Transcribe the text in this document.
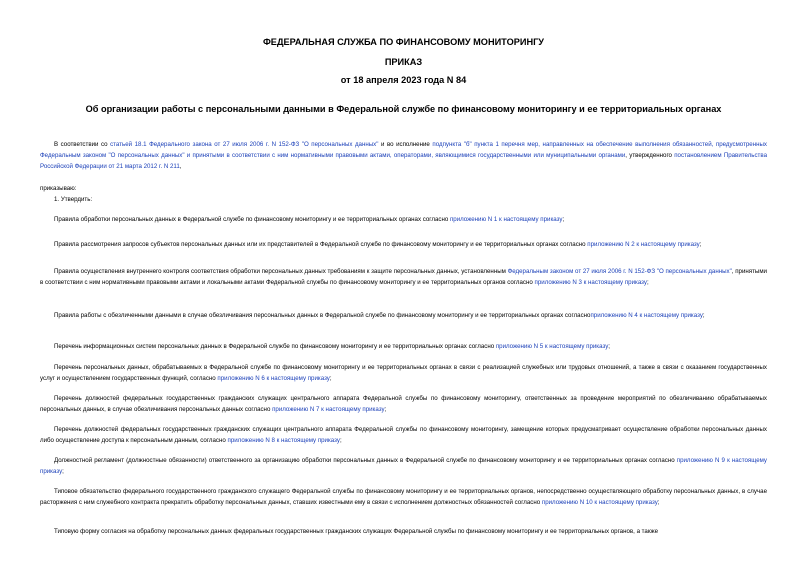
ФЕДЕРАЛЬНАЯ СЛУЖБА ПО ФИНАНСОВОМУ МОНИТОРИНГУ
ПРИКАЗ
от 18 апреля 2023 года N 84
Об организации работы с персональными данными в Федеральной службе по финансовому мониторингу и ее территориальных органах
В соответствии со статьей 18.1 Федерального закона от 27 июля 2006 г. N 152-ФЗ "О персональных данных" и во исполнение подпункта "б" пункта 1 перечня мер, направленных на обеспечение выполнения обязанностей, предусмотренных Федеральным законом "О персональных данных" и принятыми в соответствии с ним нормативными правовыми актами, операторами, являющимися государственными или муниципальными органами, утвержденного постановлением Правительства Российской Федерации от 21 марта 2012 г. N 211,
приказываю:
1. Утвердить:
Правила обработки персональных данных в Федеральной службе по финансовому мониторингу и ее территориальных органах согласно приложению N 1 к настоящему приказу;
Правила рассмотрения запросов субъектов персональных данных или их представителей в Федеральной службе по финансовому мониторингу и ее территориальных органах согласно приложению N 2 к настоящему приказу;
Правила осуществления внутреннего контроля соответствия обработки персональных данных требованиям к защите персональных данных, установленным Федеральным законом от 27 июля 2006 г. N 152-ФЗ "О персональных данных", принятыми в соответствии с ним нормативными правовыми актами и локальными актами Федеральной службы по финансовому мониторингу и ее территориальных органов согласно приложению N 3 к настоящему приказу;
Правила работы с обезличенными данными в случае обезличивания персональных данных в Федеральной службе по финансовому мониторингу и ее территориальных органах согласноприложению N 4 к настоящему приказу;
Перечень информационных систем персональных данных в Федеральной службе по финансовому мониторингу и ее территориальных органах согласно приложению N 5 к настоящему приказу;
Перечень персональных данных, обрабатываемых в Федеральной службе по финансовому мониторингу и ее территориальных органах в связи с реализацией служебных или трудовых отношений, а также в связи с оказанием государственных услуг и осуществлением государственных функций, согласно приложению N 6 к настоящему приказу;
Перечень должностей федеральных государственных гражданских служащих центрального аппарата Федеральной службы по финансовому мониторингу, ответственных за проведение мероприятий по обезличиванию обрабатываемых персональных данных, в случае обезличивания персональных данных согласно приложению N 7 к настоящему приказу;
Перечень должностей федеральных государственных гражданских служащих центрального аппарата Федеральной службы по финансовому мониторингу, замещение которых предусматривает осуществление обработки персональных данных либо осуществление доступа к персональным данным, согласно приложению N 8 к настоящему приказу;
Должностной регламент (должностные обязанности) ответственного за организацию обработки персональных данных в Федеральной службе по финансовому мониторингу и ее территориальных органах согласно приложению N 9 к настоящему приказу;
Типовое обязательство федерального государственного гражданского служащего Федеральной службы по финансовому мониторингу и ее территориальных органов, непосредственно осуществляющего обработку персональных данных, в случае расторжения с ним служебного контракта прекратить обработку персональных данных, ставших известными ему в связи с исполнением должностных обязанностей согласно приложению N 10 к настоящему приказу;
Типовую форму согласия на обработку персональных данных федеральных государственных гражданских служащих Федеральной службы по финансовому мониторингу и ее территориальных органов, а также
